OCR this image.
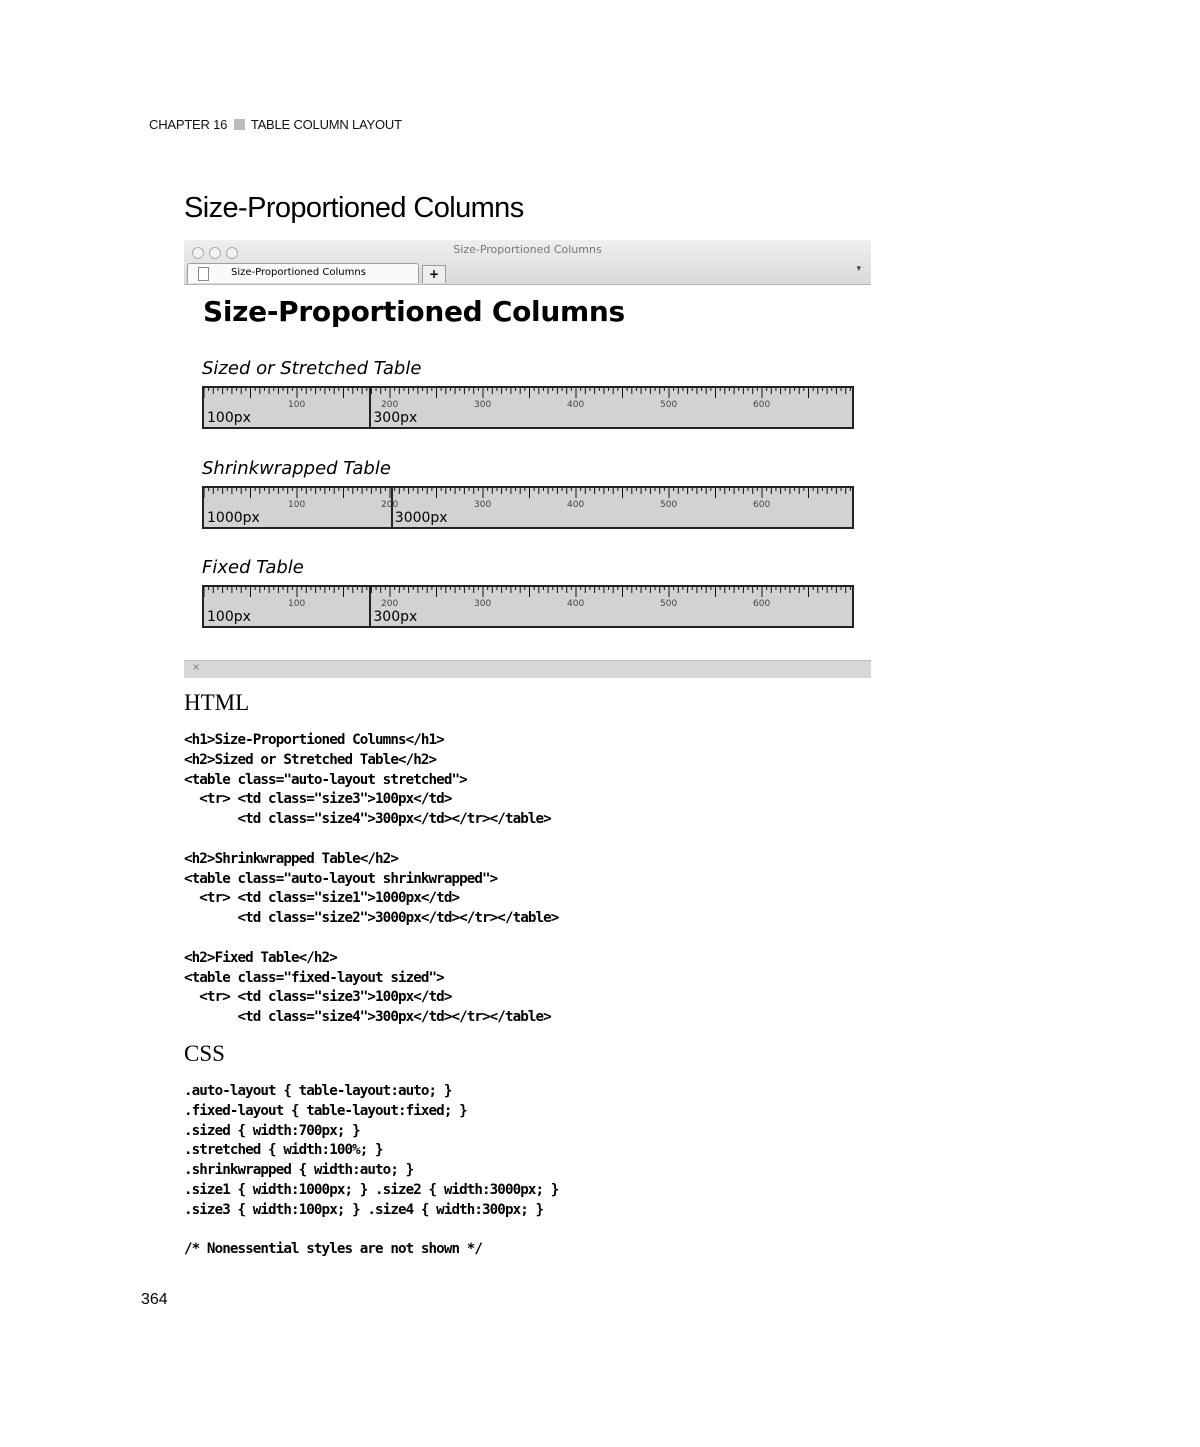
CHAPTER 16 TABLE COLUMN LAYOUT
Size-Proportioned Columns
Size-Proportioned Columns
Size-Proportioned Columns	+	▾
Size-Proportioned Columns
Sized or Stretched Table
100	200	300	400	500	600
100px	300px
Shrinkwrapped Table
100	200	300	400	500	600
1000px	3000px
Fixed Table
100	200	300	400	500	600
100px	300px
×
HTML
<h1>Size-Proportioned Columns</h1>
<h2>Sized or Stretched Table</h2>
<table class="auto-layout stretched">
<tr> <td class="size3">100px</td>
<td class="size4">300px</td></tr></table>

<h2>Shrinkwrapped Table</h2>
<table class="auto-layout shrinkwrapped">
<tr> <td class="size1">1000px</td>
<td class="size2">3000px</td></tr></table>

<h2>Fixed Table</h2>
<table class="fixed-layout sized">
<tr> <td class="size3">100px</td>
<td class="size4">300px</td></tr></table>
CSS
.auto-layout { table-layout:auto; }
.fixed-layout { table-layout:fixed; }
.sized { width:700px; }
.stretched { width:100%; }
.shrinkwrapped { width:auto; }
.size1 { width:1000px; } .size2 { width:3000px; }
.size3 { width:100px; } .size4 { width:300px; }

/* Nonessential styles are not shown */
364
